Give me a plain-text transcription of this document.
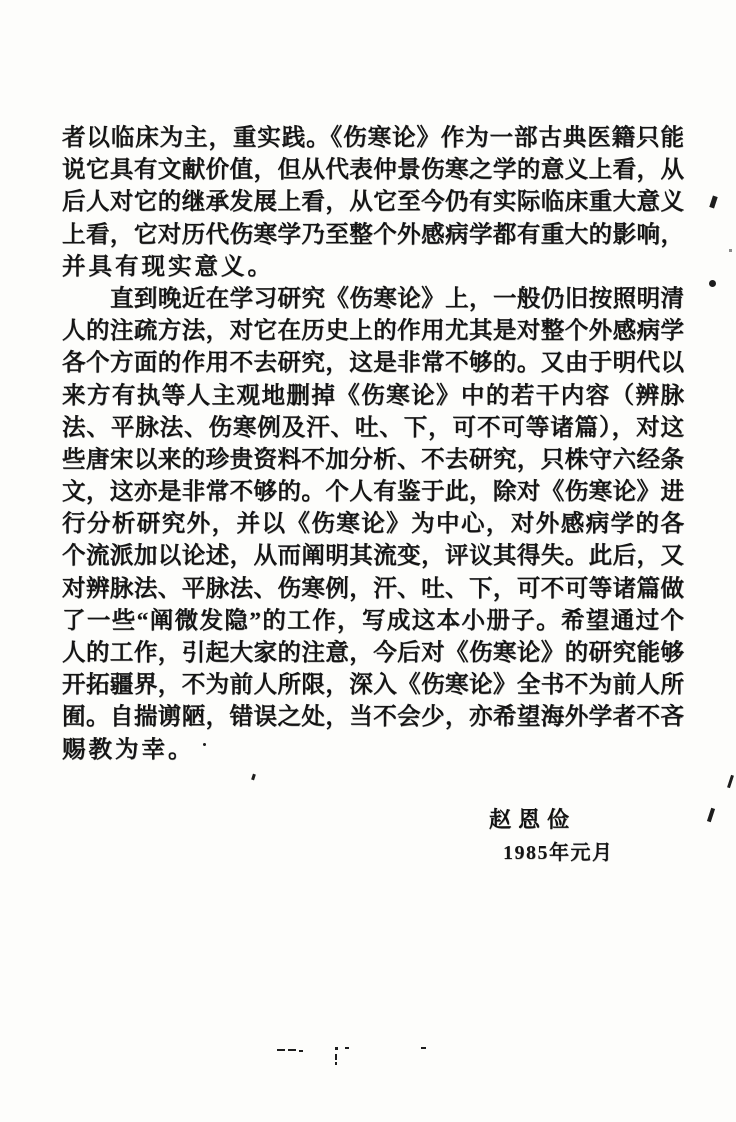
者以临床为主，重实践。《伤寒论》作为一部古典医籍只能
说它具有文献价值，但从代表仲景伤寒之学的意义上看，从
后人对它的继承发展上看，从它至今仍有实际临床重大意义
上看，它对历代伤寒学乃至整个外感病学都有重大的影响，
并具有现实意义。
直到晚近在学习研究《伤寒论》上，一般仍旧按照明清
人的注疏方法，对它在历史上的作用尤其是对整个外感病学
各个方面的作用不去研究，这是非常不够的。又由于明代以
来方有执等人主观地删掉《伤寒论》中的若干内容（辨脉
法、平脉法、伤寒例及汗、吐、下，可不可等诸篇），对这
些唐宋以来的珍贵资料不加分析、不去研究，只株守六经条
文，这亦是非常不够的。个人有鉴于此，除对《伤寒论》进
行分析研究外，并以《伤寒论》为中心，对外感病学的各
个流派加以论述，从而阐明其流变，评议其得失。此后，又
对辨脉法、平脉法、伤寒例，汗、吐、下，可不可等诸篇做
了一些“阐微发隐”的工作，写成这本小册子。希望通过个
人的工作，引起大家的注意，今后对《伤寒论》的研究能够
开拓疆界，不为前人所限，深入《伤寒论》全书不为前人所
囿。自揣谫陋，错误之处，当不会少，亦希望海外学者不吝
赐教为幸。
赵恩俭
1985年元月
